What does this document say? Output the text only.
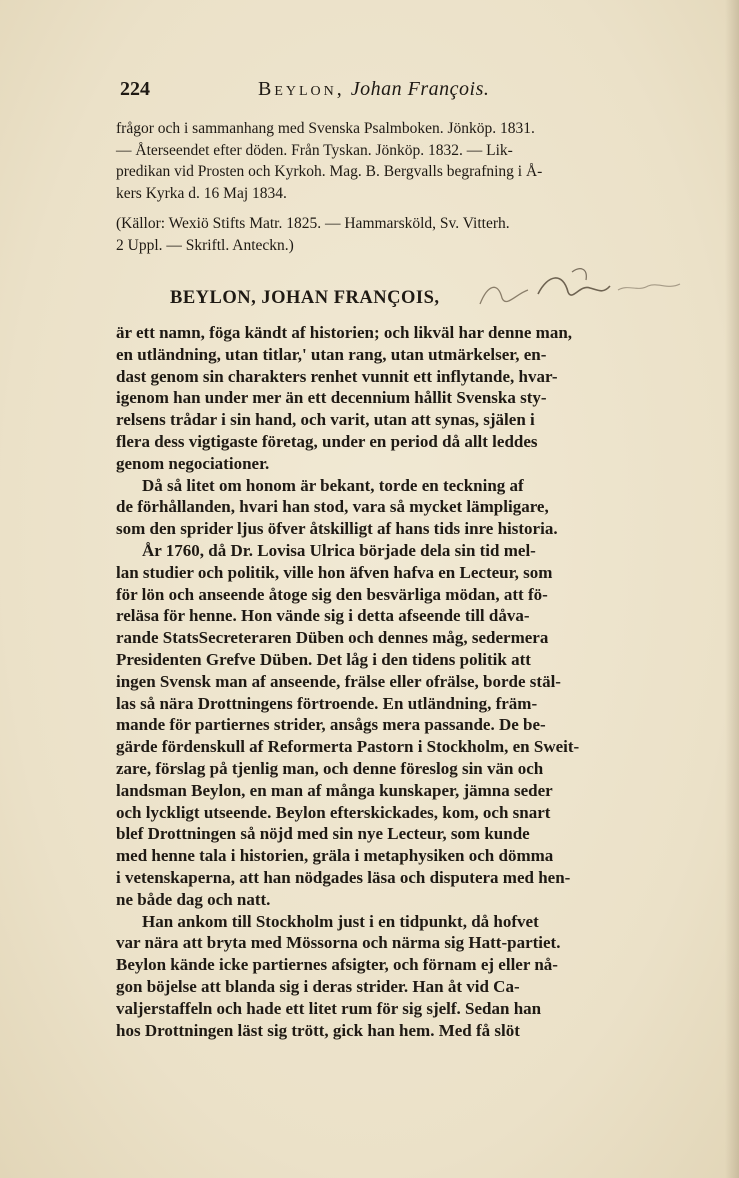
224	Beylon, Johan François.
frågor och i sammanhang med Svenska Psalmboken. Jönköp. 1831.
— Återseendet efter döden. Från Tyskan. Jönköp. 1832. — Lik-
predikan vid Prosten och Kyrkoh. Mag. B. Bergvalls begrafning i Å-
kers Kyrka d. 16 Maj 1834.
(Källor: Wexiö Stifts Matr. 1825. — Hammarsköld, Sv. Vitterh.
2 Uppl. — Skriftl. Anteckn.)
BEYLON, JOHAN FRANÇOIS,
är ett namn, föga kändt af historien; och likväl har denne man,
en utländning, utan titlar,' utan rang, utan utmärkelser, en-
dast genom sin charakters renhet vunnit ett inflytande, hvar-
igenom han under mer än ett decennium hållit Svenska sty-
relsens trådar i sin hand, och varit, utan att synas, själen i
flera dess vigtigaste företag, under en period då allt leddes
genom negociationer.
Då så litet om honom är bekant, torde en teckning af
de förhållanden, hvari han stod, vara så mycket lämpligare,
som den sprider ljus öfver åtskilligt af hans tids inre historia.
År 1760, då Dr. Lovisa Ulrica började dela sin tid mel-
lan studier och politik, ville hon äfven hafva en Lecteur, som
för lön och anseende åtoge sig den besvärliga mödan, att fö-
reläsa för henne. Hon vände sig i detta afseende till dåva-
rande StatsSecreteraren Düben och dennes måg, sedermera
Presidenten Grefve Düben. Det låg i den tidens politik att
ingen Svensk man af anseende, frälse eller ofrälse, borde stäl-
las så nära Drottningens förtroende. En utländning, främ-
mande för partiernes strider, ansågs mera passande. De be-
gärde fördenskull af Reformerta Pastorn i Stockholm, en Sweit-
zare, förslag på tjenlig man, och denne föreslog sin vän och
landsman Beylon, en man af många kunskaper, jämna seder
och lyckligt utseende. Beylon efterskickades, kom, och snart
blef Drottningen så nöjd med sin nye Lecteur, som kunde
med henne tala i historien, gräla i metaphysiken och dömma
i vetenskaperna, att han nödgades läsa och disputera med hen-
ne både dag och natt.
Han ankom till Stockholm just i en tidpunkt, då hofvet
var nära att bryta med Mössorna och närma sig Hatt-partiet.
Beylon kände icke partiernes afsigter, och förnam ej eller nå-
gon böjelse att blanda sig i deras strider. Han åt vid Ca-
valjerstaffeln och hade ett litet rum för sig sjelf. Sedan han
hos Drottningen läst sig trött, gick han hem. Med få slöt
